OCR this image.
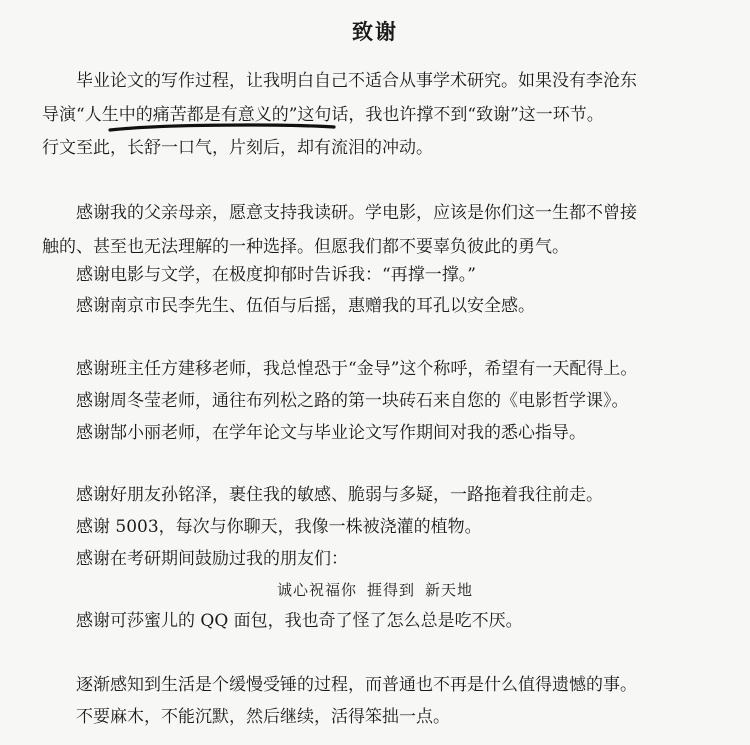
致谢

毕业论文的写作过程，让我明白自己不适合从事学术研究。如果没有李沧东

导演“人生中的痛苦都是有意义的”这句话，我也许撑不到“致谢”这一环节。

行文至此，长舒一口气，片刻后，却有流泪的冲动。

感谢我的父亲母亲，愿意支持我读研。学电影，应该是你们这一生都不曾接

触的、甚至也无法理解的一种选择。但愿我们都不要辜负彼此的勇气。

感谢电影与文学，在极度抑郁时告诉我：“再撑一撑。”

感谢南京市民李先生、伍佰与后摇，惠赠我的耳孔以安全感。

感谢班主任方建移老师，我总惶恐于“金导”这个称呼，希望有一天配得上。

感谢周冬莹老师，通往布列松之路的第一块砖石来自您的《电影哲学课》。

感谢郜小丽老师，在学年论文与毕业论文写作期间对我的悉心指导。

感谢好朋友孙铭泽，裹住我的敏感、脆弱与多疑，一路拖着我往前走。

感谢 5003，每次与你聊天，我像一株被浇灌的植物。

感谢在考研期间鼓励过我的朋友们：

诚心祝福你 捱得到 新天地

感谢可莎蜜儿的 QQ 面包，我也奇了怪了怎么总是吃不厌。

逐渐感知到生活是个缓慢受锤的过程，而普通也不再是什么值得遗憾的事。

不要麻木，不能沉默，然后继续，活得笨拙一点。
